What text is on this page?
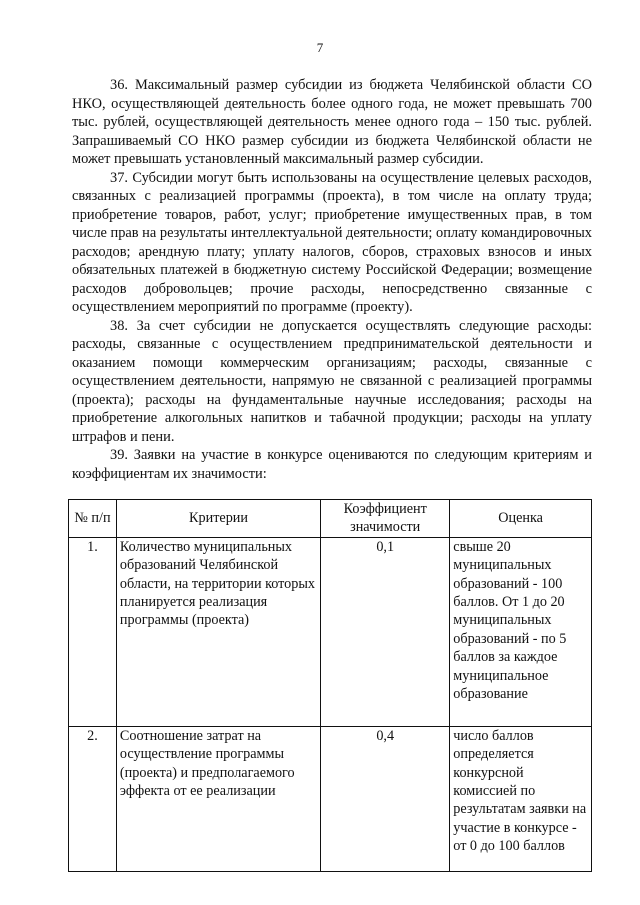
7

36. Максимальный размер субсидии из бюджета Челябинской области СО НКО, осуществляющей деятельность более одного года, не может превышать 700 тыс. рублей, осуществляющей деятельность менее одного года – 150 тыс. рублей. Запрашиваемый СО НКО размер субсидии из бюджета Челябинской области не может превышать установленный максимальный размер субсидии.

37. Субсидии могут быть использованы на осуществление целевых расходов, связанных с реализацией программы (проекта), в том числе на оплату труда; приобретение товаров, работ, услуг; приобретение имущественных прав, в том числе прав на результаты интеллектуальной деятельности; оплату командировочных расходов; арендную плату; уплату налогов, сборов, страховых взносов и иных обязательных платежей в бюджетную систему Российской Федерации; возмещение расходов добровольцев; прочие расходы, непосредственно связанные с осуществлением мероприятий по программе (проекту).

38. За счет субсидии не допускается осуществлять следующие расходы: расходы, связанные с осуществлением предпринимательской деятельности и оказанием помощи коммерческим организациям; расходы, связанные с осуществлением деятельности, напрямую не связанной с реализацией программы (проекта); расходы на фундаментальные научные исследования; расходы на приобретение алкогольных напитков и табачной продукции; расходы на уплату штрафов и пени.

39. Заявки на участие в конкурсе оцениваются по следующим критериям и коэффициентам их значимости:

№ п/п	Критерии	Коэффициент значимости	Оценка
1.	Количество муниципальных образований Челябинской области, на территории которых планируется реализация программы (проекта)	0,1	свыше 20 муниципальных образований - 100 баллов. От 1 до 20 муниципальных образований - по 5 баллов за каждое муниципальное образование
2.	Соотношение затрат на осуществление программы (проекта) и предполагаемого эффекта от ее реализации	0,4	число баллов определяется конкурсной комиссией по результатам заявки на участие в конкурсе - от 0 до 100 баллов
